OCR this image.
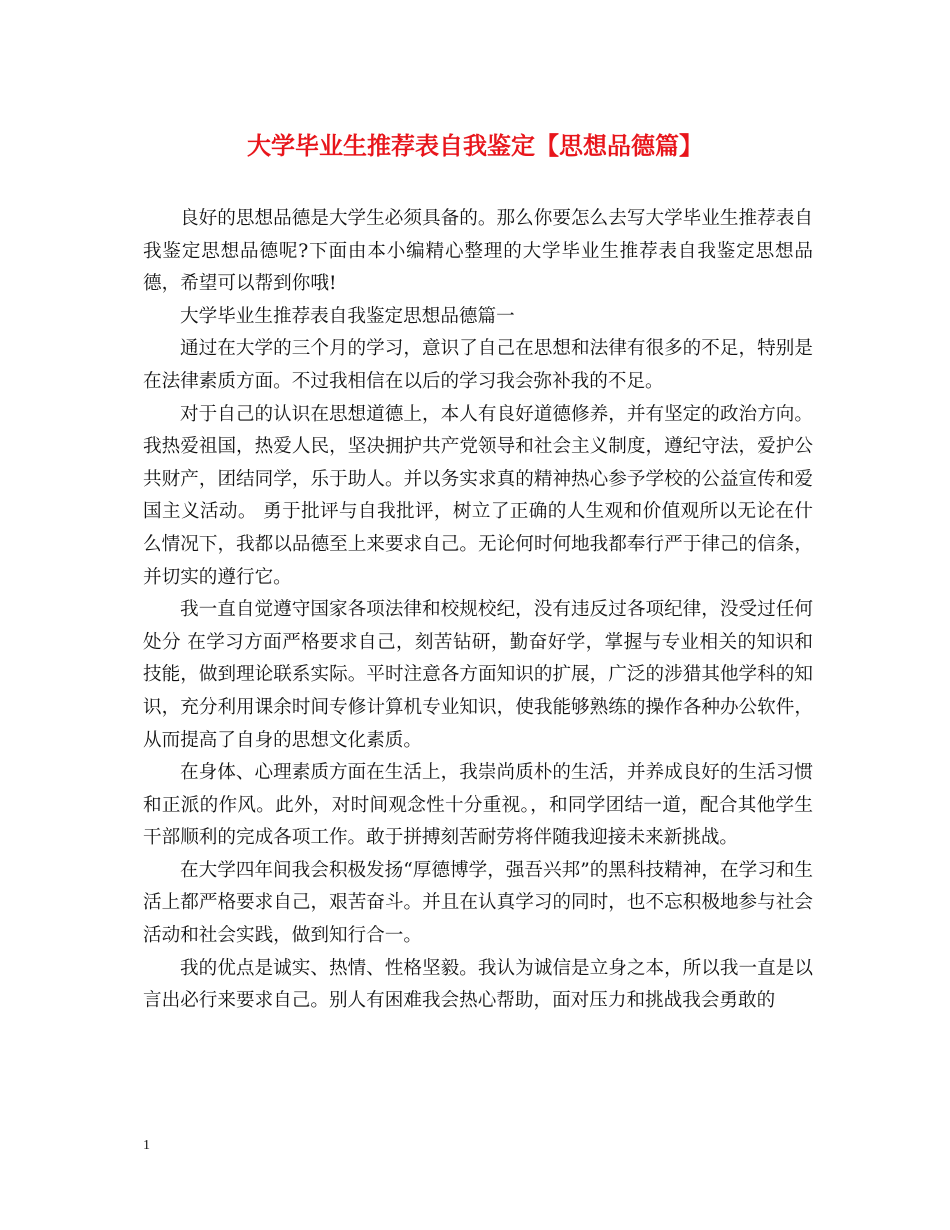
大学毕业生推荐表自我鉴定【思想品德篇】

良好的思想品德是大学生必须具备的。那么你要怎么去写大学毕业生推荐表自我鉴定思想品德呢?下面由本小编精心整理的大学毕业生推荐表自我鉴定思想品德，希望可以帮到你哦!

大学毕业生推荐表自我鉴定思想品德篇一

通过在大学的三个月的学习，意识了自己在思想和法律有很多的不足，特别是在法律素质方面。不过我相信在以后的学习我会弥补我的不足。

对于自己的认识在思想道德上，本人有良好道德修养，并有坚定的政治方向。我热爱祖国，热爱人民，坚决拥护共产党领导和社会主义制度，遵纪守法，爱护公共财产，团结同学，乐于助人。并以务实求真的精神热心参予学校的公益宣传和爱国主义活动。 勇于批评与自我批评，树立了正确的人生观和价值观所以无论在什么情况下，我都以品德至上来要求自己。无论何时何地我都奉行严于律己的信条，并切实的遵行它。

我一直自觉遵守国家各项法律和校规校纪，没有违反过各项纪律，没受过任何处分 在学习方面严格要求自己，刻苦钻研，勤奋好学，掌握与专业相关的知识和技能，做到理论联系实际。平时注意各方面知识的扩展，广泛的涉猎其他学科的知识，充分利用课余时间专修计算机专业知识，使我能够熟练的操作各种办公软件，从而提高了自身的思想文化素质。

在身体、心理素质方面在生活上，我崇尚质朴的生活，并养成良好的生活习惯和正派的作风。此外，对时间观念性十分重视。，和同学团结一道，配合其他学生干部顺利的完成各项工作。敢于拼搏刻苦耐劳将伴随我迎接未来新挑战。

在大学四年间我会积极发扬“厚德博学，强吾兴邦”的黑科技精神，在学习和生活上都严格要求自己，艰苦奋斗。并且在认真学习的同时，也不忘积极地参与社会活动和社会实践，做到知行合一。

我的优点是诚实、热情、性格坚毅。我认为诚信是立身之本，所以我一直是以言出必行来要求自己。别人有困难我会热心帮助，面对压力和挑战我会勇敢的

1
